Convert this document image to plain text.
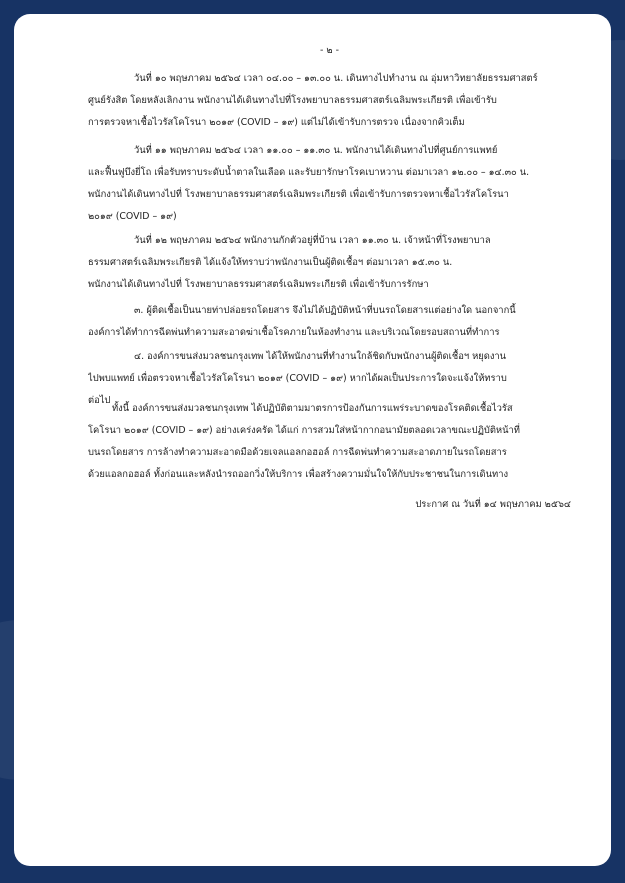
- ๒ -
วันที่ ๑๐ พฤษภาคม ๒๕๖๔ เวลา ๐๔.๐๐ – ๑๓.๐๐ น. เดินทางไปทำงาน ณ อุ่มหาวิทยาลัยธรรมศาสตร์
ศูนย์รังสิต โดยหลังเลิกงาน พนักงานได้เดินทางไปที่โรงพยาบาลธรรมศาสตร์เฉลิมพระเกียรติ เพื่อเข้ารับ
การตรวจหาเชื้อไวรัสโคโรนา ๒๐๑๙ (COVID – ๑๙) แต่ไม่ได้เข้ารับการตรวจ เนื่องจากคิวเต็ม
วันที่ ๑๑ พฤษภาคม ๒๕๖๔ เวลา ๑๑.๐๐ – ๑๑.๓๐ น. พนักงานได้เดินทางไปที่ศูนย์การแพทย์
และฟื้นฟูบึงยี่โถ เพื่อรับทราบระดับน้ำตาลในเลือด และรับยารักษาโรคเบาหวาน ต่อมาเวลา ๑๒.๐๐ – ๑๔.๓๐ น.
พนักงานได้เดินทางไปที่ โรงพยาบาลธรรมศาสตร์เฉลิมพระเกียรติ เพื่อเข้ารับการตรวจหาเชื้อไวรัสโคโรนา
๒๐๑๙ (COVID – ๑๙)
วันที่ ๑๒ พฤษภาคม ๒๕๖๔ พนักงานกักตัวอยู่ที่บ้าน เวลา ๑๑.๓๐ น. เจ้าหน้าที่โรงพยาบาล
ธรรมศาสตร์เฉลิมพระเกียรติ ได้แจ้งให้ทราบว่าพนักงานเป็นผู้ติดเชื้อฯ ต่อมาเวลา ๑๕.๓๐ น.
พนักงานได้เดินทางไปที่ โรงพยาบาลธรรมศาสตร์เฉลิมพระเกียรติ เพื่อเข้ารับการรักษา
๓. ผู้ติดเชื้อเป็นนายท่าปล่อยรถโดยสาร จึงไม่ได้ปฏิบัติหน้าที่บนรถโดยสารแต่อย่างใด นอกจากนี้
องค์การได้ทำการฉีดพ่นทำความสะอาดฆ่าเชื้อโรคภายในห้องทำงาน และบริเวณโดยรอบสถานที่ทำการ
๔. องค์การขนส่งมวลชนกรุงเทพ ได้ให้พนักงานที่ทำงานใกล้ชิดกับพนักงานผู้ติดเชื้อฯ หยุดงาน
ไปพบแพทย์ เพื่อตรวจหาเชื้อไวรัสโคโรนา ๒๐๑๙ (COVID – ๑๙) หากได้ผลเป็นประการใดจะแจ้งให้ทราบ
ต่อไป
ทั้งนี้ องค์การขนส่งมวลชนกรุงเทพ ได้ปฏิบัติตามมาตรการป้องกันการแพร่ระบาดของโรคติดเชื้อไวรัส
โคโรนา ๒๐๑๙ (COVID – ๑๙) อย่างเคร่งครัด ได้แก่ การสวมใส่หน้ากากอนามัยตลอดเวลาขณะปฏิบัติหน้าที่
บนรถโดยสาร การล้างทำความสะอาดมือด้วยเจลแอลกอฮอล์ การฉีดพ่นทำความสะอาดภายในรถโดยสาร
ด้วยแอลกอฮอล์ ทั้งก่อนและหลังนำรถออกวิ่งให้บริการ เพื่อสร้างความมั่นใจให้กับประชาชนในการเดินทาง
ประกาศ ณ วันที่ ๑๔ พฤษภาคม ๒๕๖๔
